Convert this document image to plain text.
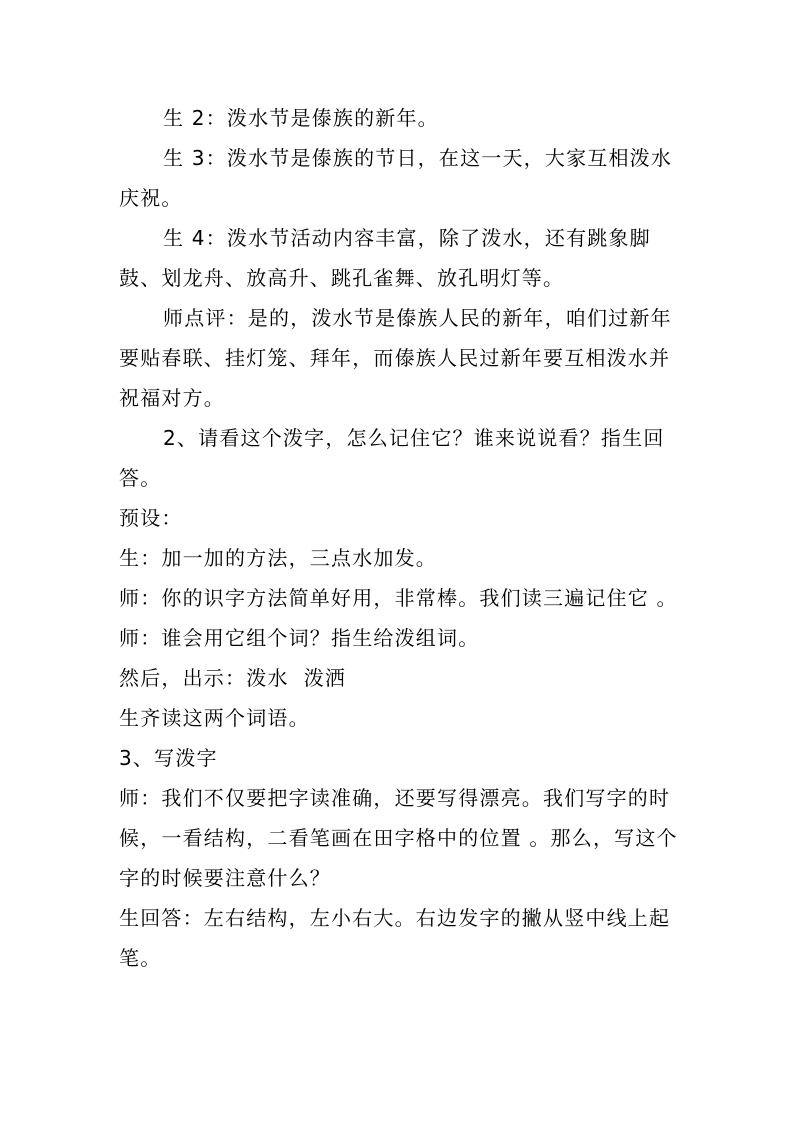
生 2：泼水节是傣族的新年。

生 3：泼水节是傣族的节日，在这一天，大家互相泼水庆祝。

生 4：泼水节活动内容丰富，除了泼水，还有跳象脚鼓、划龙舟、放高升、跳孔雀舞、放孔明灯等。

师点评：是的，泼水节是傣族人民的新年，咱们过新年要贴春联、挂灯笼、拜年，而傣族人民过新年要互相泼水并祝福对方。

2、请看这个泼字，怎么记住它？谁来说说看？指生回答。

预设：

生：加一加的方法，三点水加发。

师：你的识字方法简单好用，非常棒。我们读三遍记住它 。

师：谁会用它组个词？指生给泼组词。

然后，出示：泼水  泼洒

生齐读这两个词语。

3、写泼字

师：我们不仅要把字读准确，还要写得漂亮。我们写字的时候，一看结构，二看笔画在田字格中的位置 。那么，写这个字的时候要注意什么？

生回答：左右结构，左小右大。右边发字的撇从竖中线上起笔。
